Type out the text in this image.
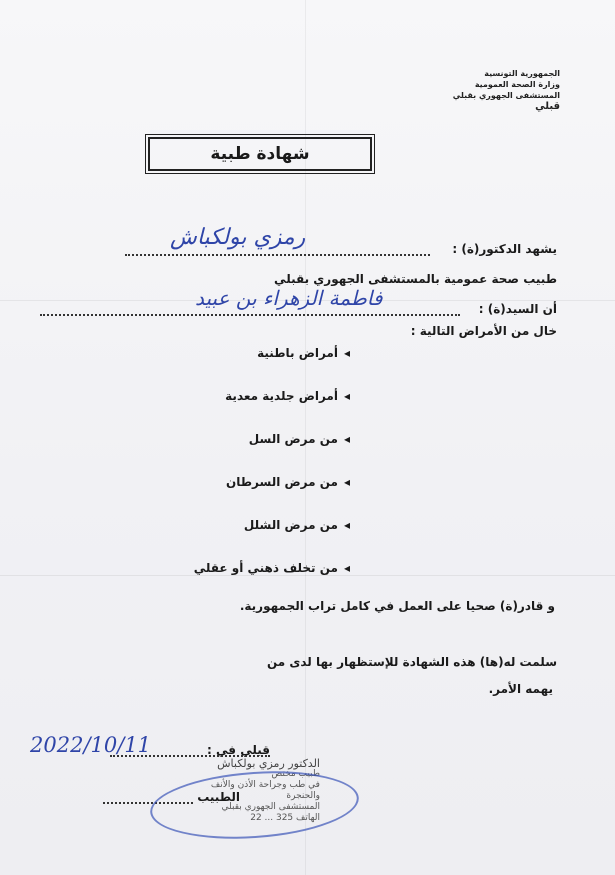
الجمهورية التونسية
وزارة الصحة العمومية
المستشفى الجهوري بقبلي
قبلي
شهادة طبية
يشهد الدكتور(ة) :
رمزي بولكباش
طبيب صحة عمومية بالمستشفى الجهوري بقبلي
أن السيد(ة) :
فاطمة الزهراء بن عبيد
خال من الأمراض التالية :
◂أمراض باطنية
◂أمراض جلدية معدية
◂من مرض السل
◂من مرض السرطان
◂من مرض الشلل
◂من تخلف ذهني أو عقلي
و قادر(ة) صحيا على العمل في كامل تراب الجمهورية.
سلمت له(ها) هذه الشهادة للإستظهار بها لدى من
يهمه الأمر.
قبلي في :
2022/10/11
الطبيب
الدكتور رمزي بولكباش
طبيب مختص
في طب وجراحة الأذن والأنف والحنجرة
المستشفى الجهوري بقبلي
الهاتف 325 ... 22
